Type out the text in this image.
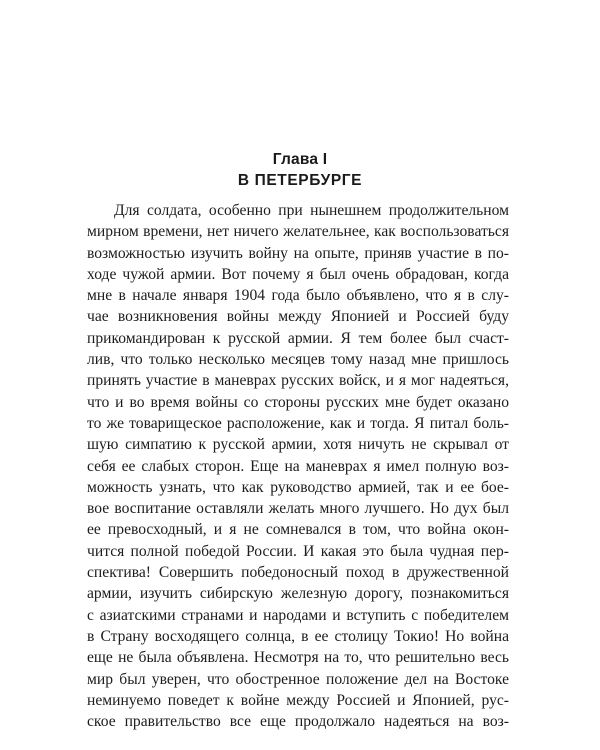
Глава I
В ПЕТЕРБУРГЕ
Для солдата, особенно при нынешнем продолжительном
мирном времени, нет ничего желательнее, как воспользоваться
возможностью изучить войну на опыте, приняв участие в по-
ходе чужой армии. Вот почему я был очень обрадован, когда
мне в начале января 1904 года было объявлено, что я в слу-
чае возникновения войны между Японией и Россией буду
прикомандирован к русской армии. Я тем более был счаст-
лив, что только несколько месяцев тому назад мне пришлось
принять участие в маневрах русских войск, и я мог надеяться,
что и во время войны со стороны русских мне будет оказано
то же товарищеское расположение, как и тогда. Я питал боль-
шую симпатию к русской армии, хотя ничуть не скрывал от
себя ее слабых сторон. Еще на маневрах я имел полную воз-
можность узнать, что как руководство армией, так и ее бое-
вое воспитание оставляли желать много лучшего. Но дух был
ее превосходный, и я не сомневался в том, что война окон-
чится полной победой России. И какая это была чудная пер-
спектива! Совершить победоносный поход в дружественной
армии, изучить сибирскую железную дорогу, познакомиться
с азиатскими странами и народами и вступить с победителем
в Страну восходящего солнца, в ее столицу Токио! Но война
еще не была объявлена. Несмотря на то, что решительно весь
мир был уверен, что обостренное положение дел на Востоке
неминуемо поведет к войне между Россией и Японией, рус-
ское правительство все еще продолжало надеяться на воз-
